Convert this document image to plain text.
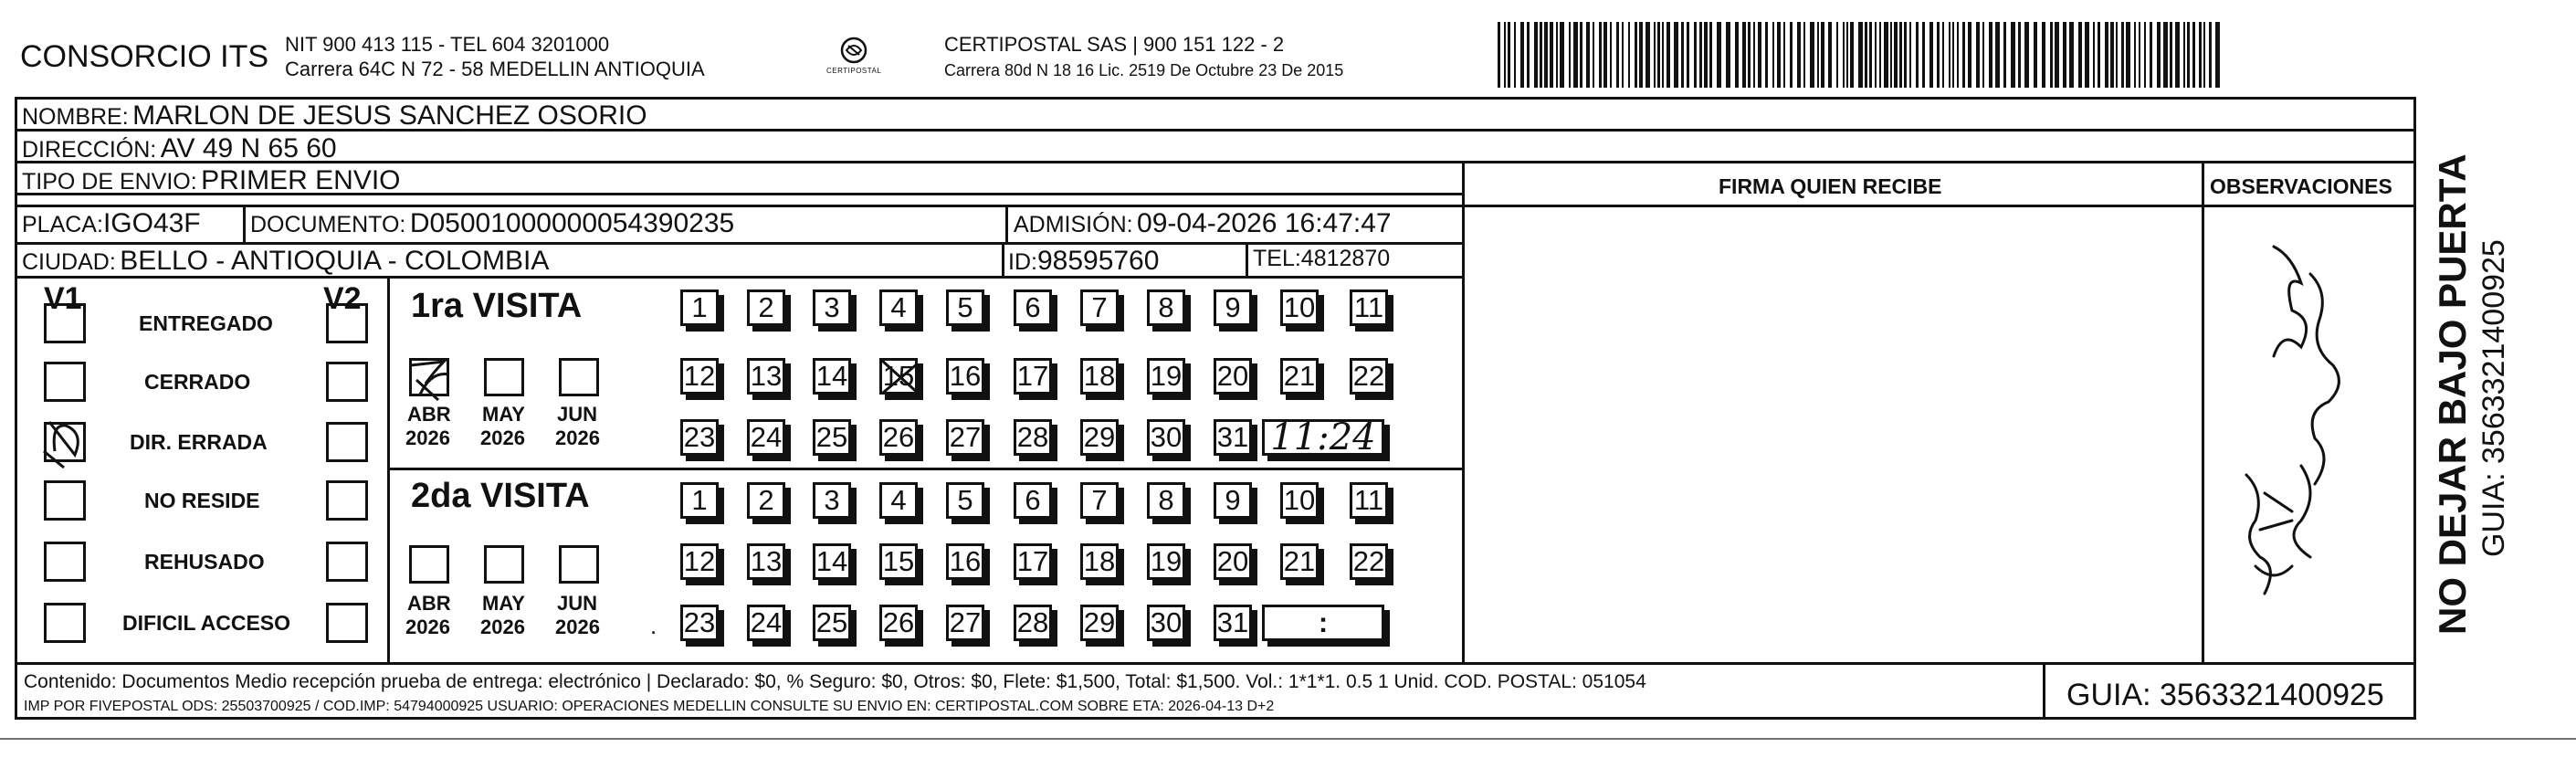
CONSORCIO ITS NIT 900 413 115 - TEL 604 3201000
Carrera 64C N 72 - 58 MEDELLIN ANTIOQUIA	CERTIPOSTAL
CERTIPOSTAL SAS | 900 151 122 - 2
Carrera 80d N 18 16 Lic. 2519 De Octubre 23 De 2015
NOMBRE: MARLON DE JESUS SANCHEZ OSORIO
DIRECCIÓN: AV 49 N 65 60
TIPO DE ENVIO: PRIMER ENVIO
PLACA:IGO43F DOCUMENTO: D05001000000054390235	ADMISIÓN: 09-04-2026 16:47:47
CIUDAD: BELLO - ANTIOQUIA - COLOMBIA	ID:98595760	TEL:4812870
FIRMA QUIEN RECIBE	OBSERVACIONES
V1	V2
ENTREGADO
CERRADO
DIR. ERRADA
NO RESIDE
REHUSADO
DIFICIL ACCESO
1ra VISITA
2da VISITA
ABR
2026
MAY
2026
JUN
2026
ABR
2026
MAY
2026
JUN
2026
1	2	3	4	5	6	7	8	9	10 11
12 13 14 15 16 17 18 19 20 21 22
23 24 25 26 27 28 29 30 31 11:24
1	2	3	4	5	6	7	8	9	10 11
12 13 14 15 16 17 18 19 20 21 22
23 24 25 26 27 28 29 30 31 :
.	NO DEJAR BAJO PUERTA GUIA: 3563321400925
Contenido: Documentos Medio recepción prueba de entrega: electrónico | Declarado: $0, % Seguro: $0, Otros: $0, Flete: $1,500, Total: $1,500. Vol.: 1*1*1. 0.5 1 Unid. COD. POSTAL: 051054
IMP POR FIVEPOSTAL ODS: 25503700925 / COD.IMP: 54794000925 USUARIO: OPERACIONES MEDELLIN CONSULTE SU ENVIO EN: CERTIPOSTAL.COM SOBRE ETA: 2026-04-13 D+2	GUIA: 3563321400925
